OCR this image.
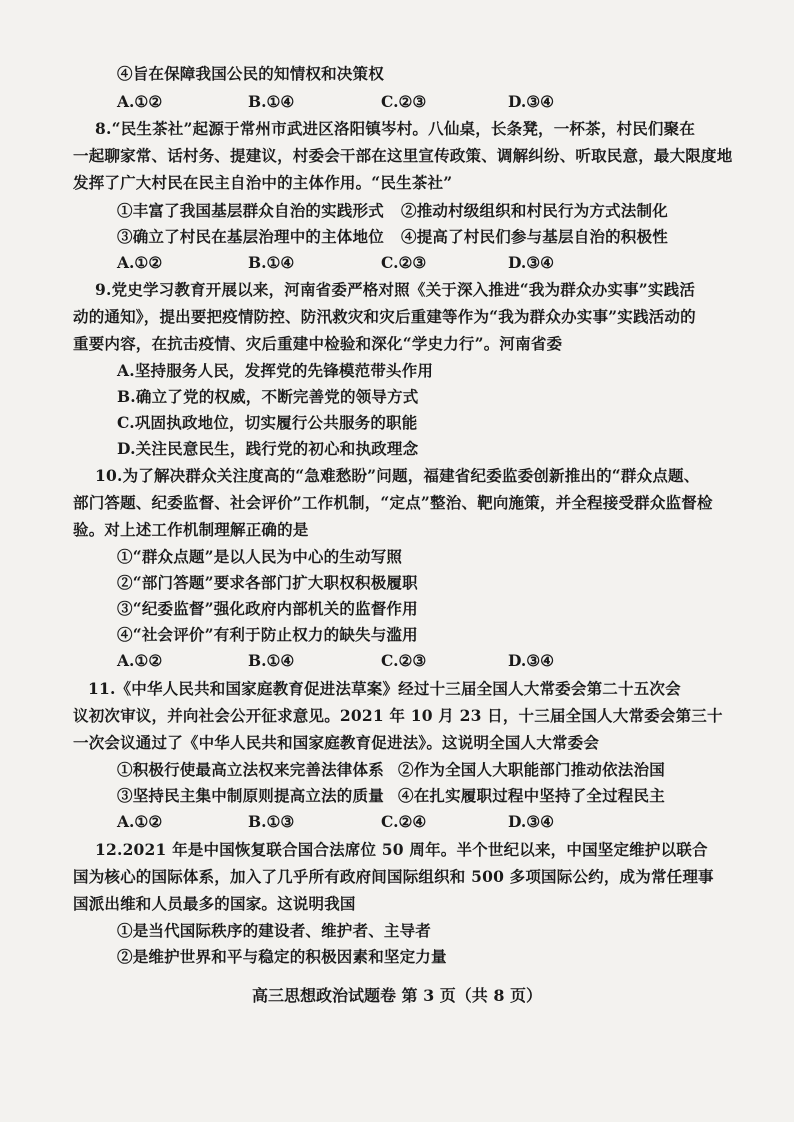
④旨在保障我国公民的知情权和决策权
A.①②	B.①④	C.②③	D.③④
8.“民生茶社”起源于常州市武进区洛阳镇岑村。八仙桌，长条凳，一杯茶，村民们聚在
一起聊家常、话村务、提建议，村委会干部在这里宣传政策、调解纠纷、听取民意，最大限度地
发挥了广大村民在民主自治中的主体作用。“民生茶社”
①丰富了我国基层群众自治的实践形式 ②推动村级组织和村民行为方式法制化
③确立了村民在基层治理中的主体地位 ④提高了村民们参与基层自治的积极性
A.①②	B.①④	C.②③	D.③④
9.党史学习教育开展以来，河南省委严格对照《关于深入推进“我为群众办实事”实践活
动的通知》，提出要把疫情防控、防汛救灾和灾后重建等作为“我为群众办实事”实践活动的
重要内容，在抗击疫情、灾后重建中检验和深化“学史力行”。河南省委
A.坚持服务人民，发挥党的先锋模范带头作用
B.确立了党的权威，不断完善党的领导方式
C.巩固执政地位，切实履行公共服务的职能
D.关注民意民生，践行党的初心和执政理念
10.为了解决群众关注度高的“急难愁盼”问题，福建省纪委监委创新推出的“群众点题、
部门答题、纪委监督、社会评价”工作机制，“定点”整治、靶向施策，并全程接受群众监督检
验。对上述工作机制理解正确的是
①“群众点题”是以人民为中心的生动写照
②“部门答题”要求各部门扩大职权积极履职
③“纪委监督”强化政府内部机关的监督作用
④“社会评价”有利于防止权力的缺失与滥用
A.①②	B.①④	C.②③	D.③④
11.《中华人民共和国家庭教育促进法草案》经过十三届全国人大常委会第二十五次会
议初次审议，并向社会公开征求意见。2021 年 10 月 23 日，十三届全国人大常委会第三十
一次会议通过了《中华人民共和国家庭教育促进法》。这说明全国人大常委会
①积极行使最高立法权来完善法律体系 ②作为全国人大职能部门推动依法治国
③坚持民主集中制原则提高立法的质量 ④在扎实履职过程中坚持了全过程民主
A.①②	B.①③	C.②④	D.③④
12.2021 年是中国恢复联合国合法席位 50 周年。半个世纪以来，中国坚定维护以联合
国为核心的国际体系，加入了几乎所有政府间国际组织和 500 多项国际公约，成为常任理事
国派出维和人员最多的国家。这说明我国
①是当代国际秩序的建设者、维护者、主导者
②是维护世界和平与稳定的积极因素和坚定力量
高三思想政治试题卷 第 3 页（共 8 页）
